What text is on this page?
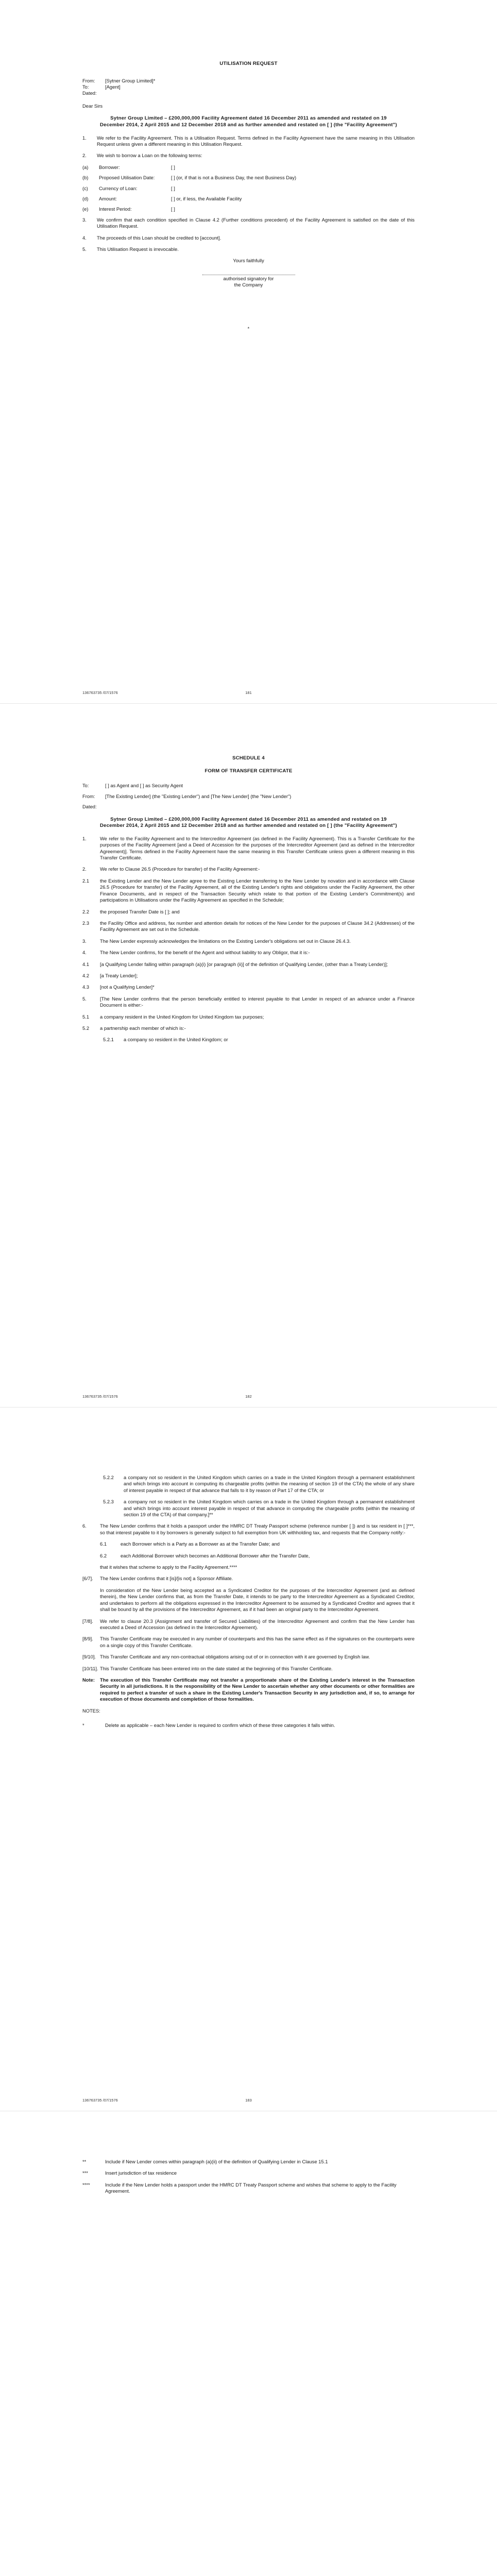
UTILISATION REQUEST
From:	[Sytner Group Limited]*
To:	[Agent]
Dated:
Dear Sirs
Sytner Group Limited – £200,000,000 Facility Agreement dated 16 December 2011 as amended and restated on 19 December 2014, 2 April 2015 and 12 December 2018 and as further amended and restated on [ ] (the "Facility Agreement")
1.	We refer to the Facility Agreement. This is a Utilisation Request. Terms defined in the Facility Agreement have the same meaning in this Utilisation Request unless given a different meaning in this Utilisation Request.
2.	We wish to borrow a Loan on the following terms:
(a)	Borrower:	[ ]
(b)	Proposed Utilisation Date:	[ ] (or, if that is not a Business Day, the next Business Day)
(c)	Currency of Loan:	[ ]
(d)	Amount:	[ ] or, if less, the Available Facility
(e)	Interest Period:	[ ]
3.	We confirm that each condition specified in Clause 4.2 (Further conditions precedent) of the Facility Agreement is satisfied on the date of this Utilisation Request.
4.	The proceeds of this Loan should be credited to [account].
5.	This Utilisation Request is irrevocable.
Yours faithfully
authorised signatory for
the Company
*
136763735 /07/1576	181
SCHEDULE 4
FORM OF TRANSFER CERTIFICATE
To:	[ ] as Agent and [ ] as Security Agent
From:	[The Existing Lender] (the "Existing Lender") and [The New Lender] (the "New Lender")
Dated:
Sytner Group Limited – £200,000,000 Facility Agreement dated 16 December 2011 as amended and restated on 19 December 2014, 2 April 2015 and 12 December 2018 and as further amended and restated on [ ] (the "Facility Agreement")
1.	We refer to the Facility Agreement and to the Intercreditor Agreement (as defined in the Facility Agreement). This is a Transfer Certificate for the purposes of the Facility Agreement [and a Deed of Accession for the purposes of the Intercreditor Agreement (and as defined in the Intercreditor Agreement)]. Terms defined in the Facility Agreement have the same meaning in this Transfer Certificate unless given a different meaning in this Transfer Certificate.
2.	We refer to Clause 26.5 (Procedure for transfer) of the Facility Agreement:-
2.1	the Existing Lender and the New Lender agree to the Existing Lender transferring to the New Lender by novation and in accordance with Clause 26.5 (Procedure for transfer) of the Facility Agreement, all of the Existing Lender's rights and obligations under the Facility Agreement, the other Finance Documents, and in respect of the Transaction Security which relate to that portion of the Existing Lender's Commitment(s) and participations in Utilisations under the Facility Agreement as specified in the Schedule;
2.2	the proposed Transfer Date is [ ]; and
2.3	the Facility Office and address, fax number and attention details for notices of the New Lender for the purposes of Clause 34.2 (Addresses) of the Facility Agreement are set out in the Schedule.
3.	The New Lender expressly acknowledges the limitations on the Existing Lender's obligations set out in Clause 26.4.3.
4.	The New Lender confirms, for the benefit of the Agent and without liability to any Obligor, that it is:-
4.1	[a Qualifying Lender falling within paragraph (a)(i) [or paragraph (ii)] of the definition of Qualifying Lender, (other than a Treaty Lender)];
4.2	[a Treaty Lender];
4.3	[not a Qualifying Lender]*
5.	[The New Lender confirms that the person beneficially entitled to interest payable to that Lender in respect of an advance under a Finance Document is either:-
5.1	a company resident in the United Kingdom for United Kingdom tax purposes;
5.2	a partnership each member of which is:-
5.2.1	a company so resident in the United Kingdom; or
136763735 /07/1576	182
5.2.2	a company not so resident in the United Kingdom which carries on a trade in the United Kingdom through a permanent establishment and which brings into account in computing its chargeable profits (within the meaning of section 19 of the CTA) the whole of any share of interest payable in respect of that advance that falls to it by reason of Part 17 of the CTA; or
5.2.3	a company not so resident in the United Kingdom which carries on a trade in the United Kingdom through a permanent establishment and which brings into account interest payable in respect of that advance in computing the chargeable profits (within the meaning of section 19 of the CTA) of that company.]**
6.	The New Lender confirms that it holds a passport under the HMRC DT Treaty Passport scheme (reference number [ ]) and is tax resident in [ ]***, so that interest payable to it by borrowers is generally subject to full exemption from UK withholding tax, and requests that the Company notify:-
6.1	each Borrower which is a Party as a Borrower as at the Transfer Date; and
6.2	each Additional Borrower which becomes an Additional Borrower after the Transfer Date,
that it wishes that scheme to apply to the Facility Agreement.****
[6/7].	The New Lender confirms that it [is]/[is not] a Sponsor Affiliate.
In consideration of the New Lender being accepted as a Syndicated Creditor for the purposes of the Intercreditor Agreement (and as defined therein), the New Lender confirms that, as from the Transfer Date, it intends to be party to the Intercreditor Agreement as a Syndicated Creditor, and undertakes to perform all the obligations expressed in the Intercreditor Agreement to be assumed by a Syndicated Creditor and agrees that it shall be bound by all the provisions of the Intercreditor Agreement, as if it had been an original party to the Intercreditor Agreement.
[7/8].	We refer to clause 20.3 (Assignment and transfer of Secured Liabilities) of the Intercreditor Agreement and confirm that the New Lender has executed a Deed of Accession (as defined in the Intercreditor Agreement).
[8/9].	This Transfer Certificate may be executed in any number of counterparts and this has the same effect as if the signatures on the counterparts were on a single copy of this Transfer Certificate.
[9/10]. This Transfer Certificate and any non-contractual obligations arising out of or in connection with it are governed by English law.
[10/11]. This Transfer Certificate has been entered into on the date stated at the beginning of this Transfer Certificate.
Note:	The execution of this Transfer Certificate may not transfer a proportionate share of the Existing Lender's interest in the Transaction Security in all jurisdictions. It is the responsibility of the New Lender to ascertain whether any other documents or other formalities are required to perfect a transfer of such a share in the Existing Lender's Transaction Security in any jurisdiction and, if so, to arrange for execution of those documents and completion of those formalities.
NOTES:
*	Delete as applicable – each New Lender is required to confirm which of these three categories it falls within.
136763735 /07/1576	183
**	Include if New Lender comes within paragraph (a)(ii) of the definition of Qualifying Lender in Clause 15.1
***	Insert jurisdiction of tax residence
****	Include if the New Lender holds a passport under the HMRC DT Treaty Passport scheme and wishes that scheme to apply to the Facility Agreement.
